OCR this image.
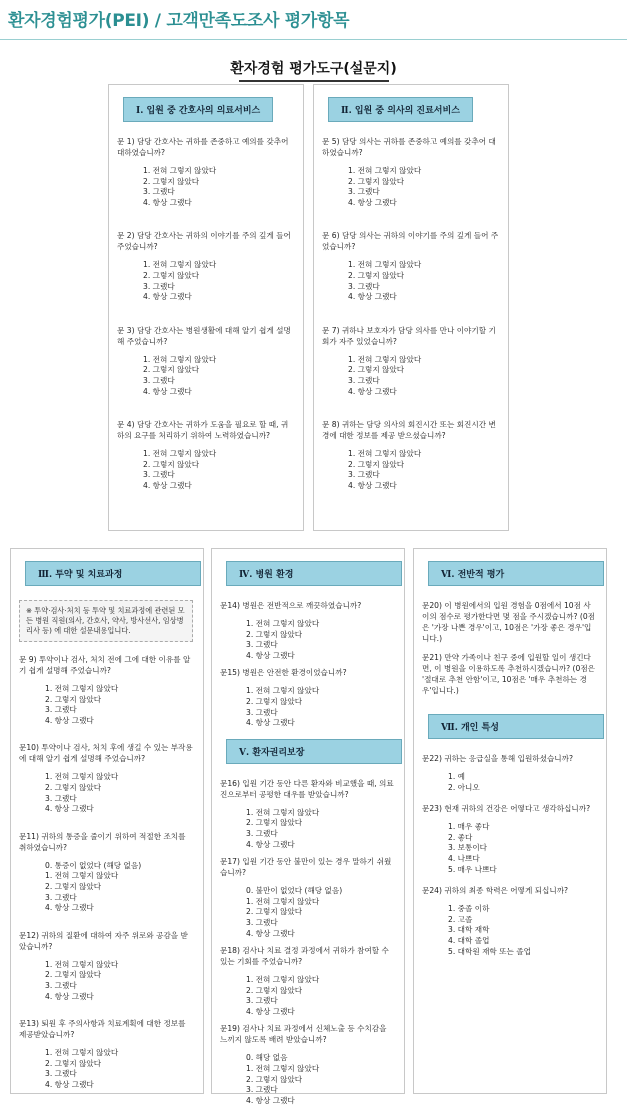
환자경험평가(PEI) / 고객만족도조사 평가항목
환자경험 평가도구(설문지)
Ⅰ. 입원 중 간호사의 의료서비스
문 1) 담당 간호사는 귀하를 존중하고 예의를 갖추어 대하였습니까?
1. 전혀 그렇지 않았다
2. 그렇지 않았다
3. 그랬다
4. 항상 그랬다
문 2) 담당 간호사는 귀하의 이야기를 주의 깊게 들어 주었습니까?
1. 전혀 그렇지 않았다
2. 그렇지 않았다
3. 그랬다
4. 항상 그랬다
문 3) 담당 간호사는 병원생활에 대해 알기 쉽게 설명해 주었습니까?
1. 전혀 그렇지 않았다
2. 그렇지 않았다
3. 그랬다
4. 항상 그랬다
문 4) 담당 간호사는 귀하가 도움을 필요로 할 때, 귀하의 요구를 처리하기 위하여 노력하였습니까?
1. 전혀 그렇지 않았다
2. 그렇지 않았다
3. 그랬다
4. 항상 그랬다
Ⅱ. 입원 중 의사의 진료서비스
문 5) 담당 의사는 귀하를 존중하고 예의를 갖추어 대하였습니까?
1. 전혀 그렇지 않았다
2. 그렇지 않았다
3. 그랬다
4. 항상 그랬다
문 6) 담당 의사는 귀하의 이야기를 주의 깊게 들어 주었습니까?
1. 전혀 그렇지 않았다
2. 그렇지 않았다
3. 그랬다
4. 항상 그랬다
문 7) 귀하나 보호자가 담당 의사를 만나 이야기할 기회가 자주 있었습니까?
1. 전혀 그렇지 않았다
2. 그렇지 않았다
3. 그랬다
4. 항상 그랬다
문 8) 귀하는 담당 의사의 회진시간 또는 회진시간 변경에 대한 정보를 제공 받으셨습니까?
1. 전혀 그렇지 않았다
2. 그렇지 않았다
3. 그랬다
4. 항상 그랬다
Ⅲ. 투약 및 치료과정
※ 투약·검사·처치 등 투약 및 치료과정에 관련된 모든 병원 직원(의사, 간호사, 약사, 방사선사, 임상병리사 등) 에 대한 설문내용입니다.
문 9) 투약이나 검사, 처치 전에 그에 대한 이유를 알기 쉽게 설명해 주었습니까?
1. 전혀 그렇지 않았다
2. 그렇지 않았다
3. 그랬다
4. 항상 그랬다
문10) 투약이나 검사, 처치 후에 생길 수 있는 부작용에 대해 알기 쉽게 설명해 주었습니까?
1. 전혀 그렇지 않았다
2. 그렇지 않았다
3. 그랬다
4. 항상 그랬다
문11) 귀하의 통증을 줄이기 위하여 적절한 조치를 취하였습니까?
0. 통증이 없었다 (해당 없음)
1. 전혀 그렇지 않았다
2. 그렇지 않았다
3. 그랬다
4. 항상 그랬다
문12) 귀하의 질환에 대하여 자주 위로와 공감을 받았습니까?
1. 전혀 그렇지 않았다
2. 그렇지 않았다
3. 그랬다
4. 항상 그랬다
문13) 퇴원 후 주의사항과 치료계획에 대한 정보를 제공받았습니까?
1. 전혀 그렇지 않았다
2. 그렇지 않았다
3. 그랬다
4. 항상 그랬다
Ⅳ. 병원 환경
문14) 병원은 전반적으로 깨끗하였습니까?
1. 전혀 그렇지 않았다
2. 그렇지 않았다
3. 그랬다
4. 항상 그랬다
문15) 병원은 안전한 환경이었습니까?
1. 전혀 그렇지 않았다
2. 그렇지 않았다
3. 그랬다
4. 항상 그랬다
Ⅴ. 환자권리보장
문16) 입원 기간 동안 다른 환자와 비교했을 때, 의료진으로부터 공평한 대우를 받았습니까?
1. 전혀 그렇지 않았다
2. 그렇지 않았다
3. 그랬다
4. 항상 그랬다
문17) 입원 기간 동안 불만이 있는 경우 말하기 쉬웠습니까?
0. 불만이 없었다 (해당 없음)
1. 전혀 그렇지 않았다
2. 그렇지 않았다
3. 그랬다
4. 항상 그랬다
문18) 검사나 치료 결정 과정에서 귀하가 참여할 수 있는 기회를 주었습니까?
1. 전혀 그렇지 않았다
2. 그렇지 않았다
3. 그랬다
4. 항상 그랬다
문19) 검사나 치료 과정에서 신체노출 등 수치감을 느끼지 않도록 배려 받았습니까?
0. 해당 없음
1. 전혀 그렇지 않았다
2. 그렇지 않았다
3. 그랬다
4. 항상 그랬다
Ⅵ. 전반적 평가
문20) 이 병원에서의 입원 경험을 0점에서 10점 사이의 점수로 평가한다면 몇 점을 주시겠습니까? (0점은 '가장 나쁜 경우'이고, 10점은 '가장 좋은 경우'입니다.)
문21) 만약 가족이나 친구 중에 입원할 일이 생긴다면, 이 병원을 이용하도록 추천하시겠습니까? (0점은 '절대로 추천 안함'이고, 10점은 '매우 추천하는 경우'입니다.)
Ⅶ. 개인 특성
문22) 귀하는 응급실을 통해 입원하셨습니까?
1. 예
2. 아니오
문23) 현재 귀하의 건강은 어떻다고 생각하십니까?
1. 매우 좋다
2. 좋다
3. 보통이다
4. 나쁘다
5. 매우 나쁘다
문24) 귀하의 최종 학력은 어떻게 되십니까?
1. 중졸 이하
2. 고졸
3. 대학 재학
4. 대학 졸업
5. 대학원 재학 또는 졸업
